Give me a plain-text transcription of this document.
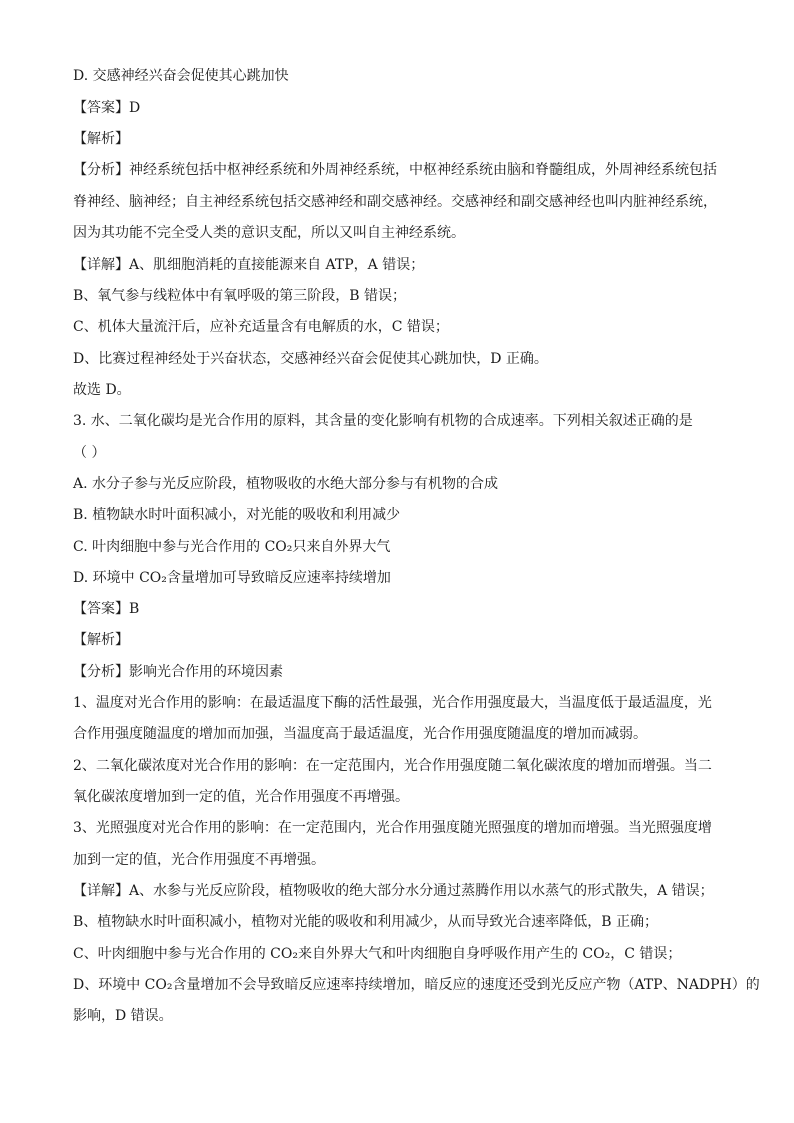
D. 交感神经兴奋会促使其心跳加快
【答案】D
【解析】
【分析】神经系统包括中枢神经系统和外周神经系统，中枢神经系统由脑和脊髓组成，外周神经系统包括
脊神经、脑神经；自主神经系统包括交感神经和副交感神经。交感神经和副交感神经也叫内脏神经系统，
因为其功能不完全受人类的意识支配，所以又叫自主神经系统。
【详解】A、肌细胞消耗的直接能源来自 ATP，A 错误；
B、氧气参与线粒体中有氧呼吸的第三阶段，B 错误；
C、机体大量流汗后，应补充适量含有电解质的水，C 错误；
D、比赛过程神经处于兴奋状态，交感神经兴奋会促使其心跳加快，D 正确。
故选 D。
3. 水、二氧化碳均是光合作用的原料，其含量的变化影响有机物的合成速率。下列相关叙述正确的是
（ ）
A. 水分子参与光反应阶段，植物吸收的水绝大部分参与有机物的合成
B. 植物缺水时叶面积减小，对光能的吸收和利用减少
C. 叶肉细胞中参与光合作用的 CO₂只来自外界大气
D. 环境中 CO₂含量增加可导致暗反应速率持续增加
【答案】B
【解析】
【分析】影响光合作用的环境因素
1、温度对光合作用的影响：在最适温度下酶的活性最强，光合作用强度最大，当温度低于最适温度，光
合作用强度随温度的增加而加强，当温度高于最适温度，光合作用强度随温度的增加而减弱。
2、二氧化碳浓度对光合作用的影响：在一定范围内，光合作用强度随二氧化碳浓度的增加而增强。当二
氧化碳浓度增加到一定的值，光合作用强度不再增强。
3、光照强度对光合作用的影响：在一定范围内，光合作用强度随光照强度的增加而增强。当光照强度增
加到一定的值，光合作用强度不再增强。
【详解】A、水参与光反应阶段，植物吸收的绝大部分水分通过蒸腾作用以水蒸气的形式散失，A 错误；
B、植物缺水时叶面积减小，植物对光能的吸收和利用减少，从而导致光合速率降低，B 正确；
C、叶肉细胞中参与光合作用的 CO₂来自外界大气和叶肉细胞自身呼吸作用产生的 CO₂，C 错误；
D、环境中 CO₂含量增加不会导致暗反应速率持续增加，暗反应的速度还受到光反应产物（ATP、NADPH）的
影响，D 错误。
